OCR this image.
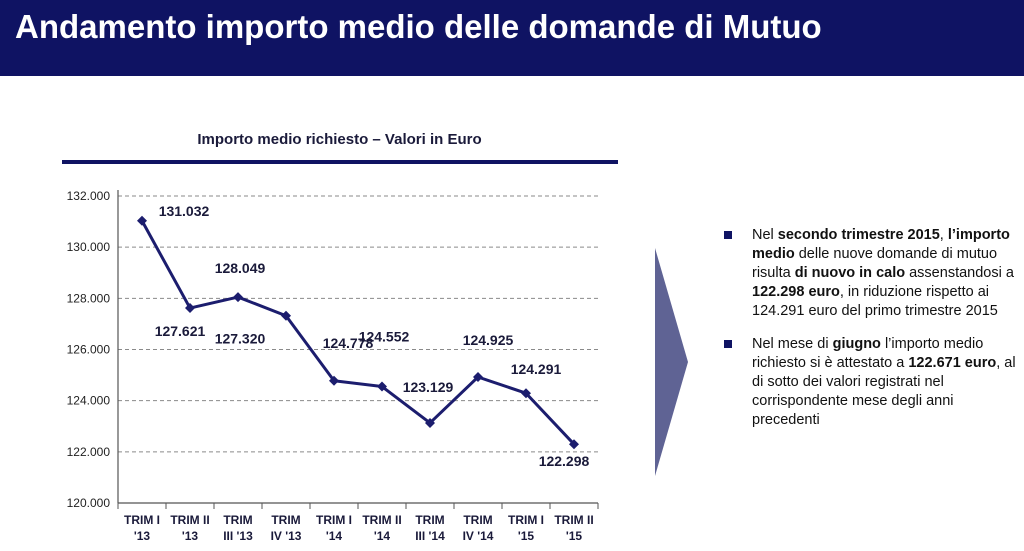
Andamento importo medio delle domande di Mutuo
Importo medio richiesto – Valori in Euro
120.000
122.000
124.000
126.000
128.000
130.000
132.000
TRIM I
'13
TRIM II
'13
TRIM
III '13
TRIM
IV '13
TRIM I
'14
TRIM II
'14
TRIM
III '14
TRIM
IV '14
TRIM I
'15
TRIM II
'15
131.032
127.621
128.049
127.320	124.778
124.552
123.129
124.925
124.291
122.298
Nel secondo trimestre 2015, l’importo medio delle nuove domande di mutuo risulta di nuovo in calo assenstandosi a 122.298 euro, in riduzione rispetto ai 124.291 euro del primo trimestre 2015
Nel mese di giugno l’importo medio richiesto si è attestato a 122.671 euro, al di sotto dei valori registrati nel corrispondente mese degli anni precedenti
